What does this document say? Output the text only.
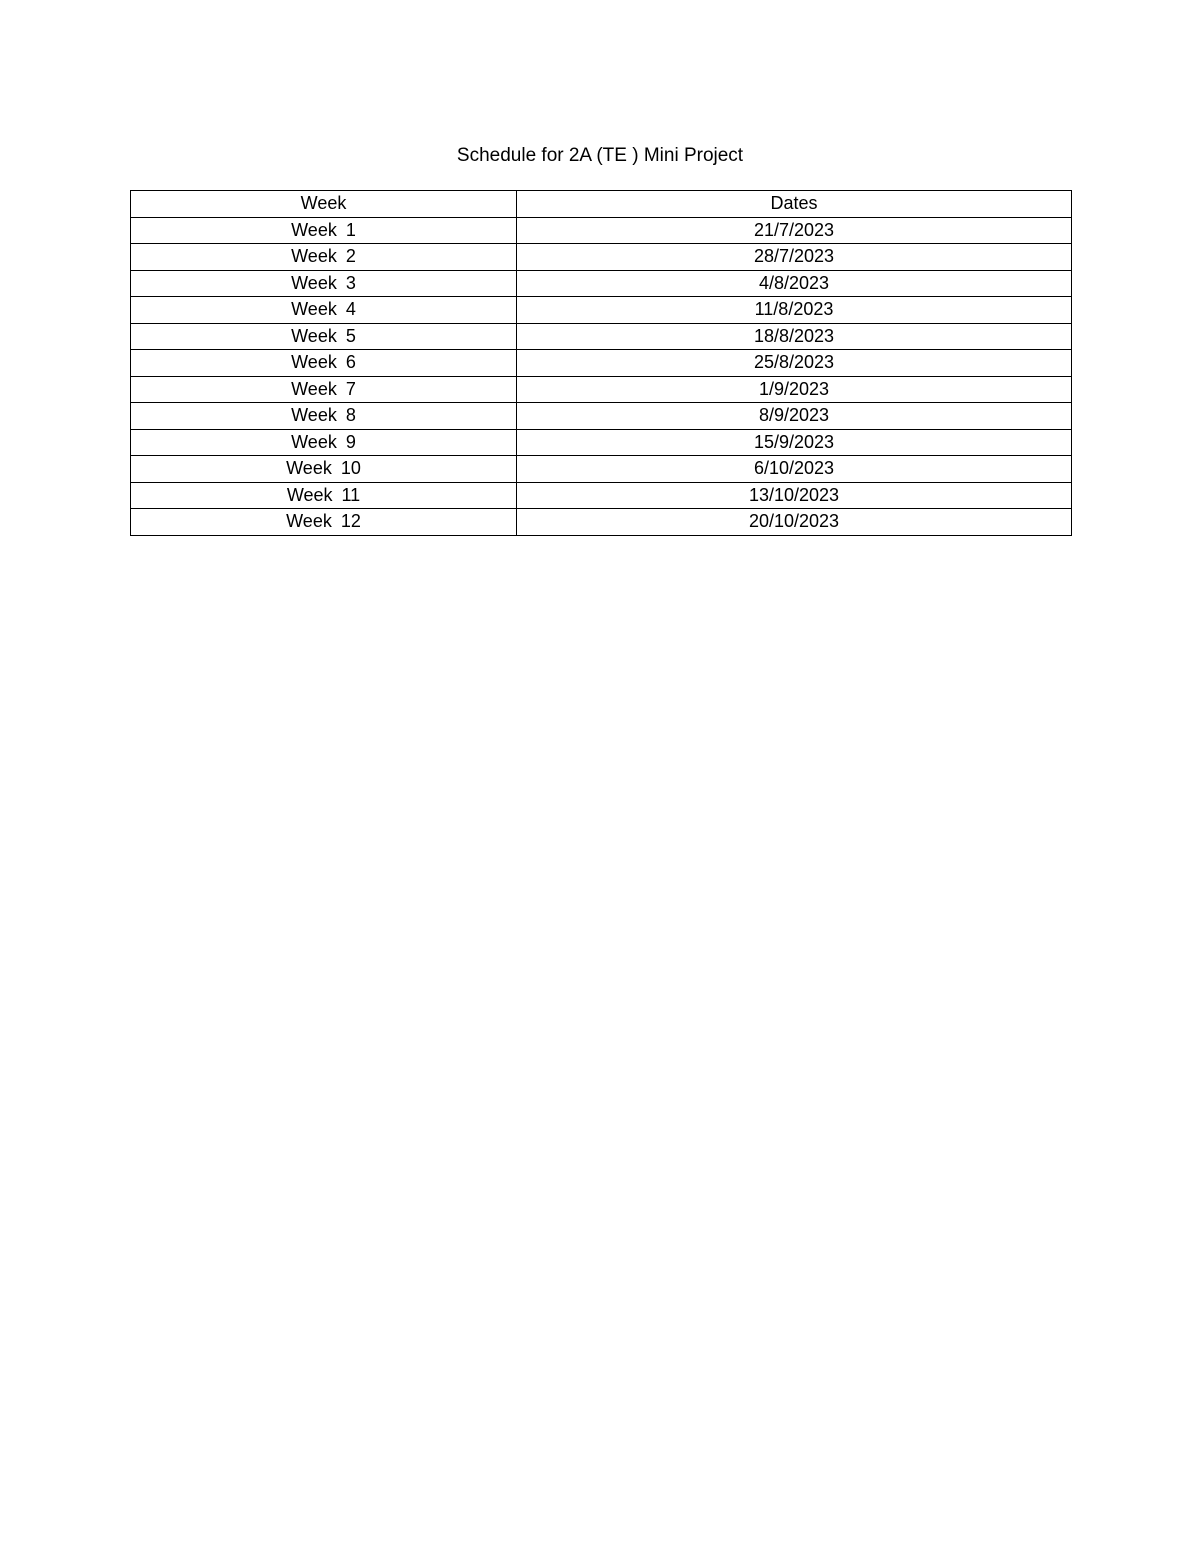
Schedule for 2A (TE ) Mini Project
Week	Dates
Week 1	21/7/2023
Week 2	28/7/2023
Week 3	4/8/2023
Week 4	11/8/2023
Week 5	18/8/2023
Week 6	25/8/2023
Week 7	1/9/2023
Week 8	8/9/2023
Week 9	15/9/2023
Week 10	6/10/2023
Week 11	13/10/2023
Week 12	20/10/2023
